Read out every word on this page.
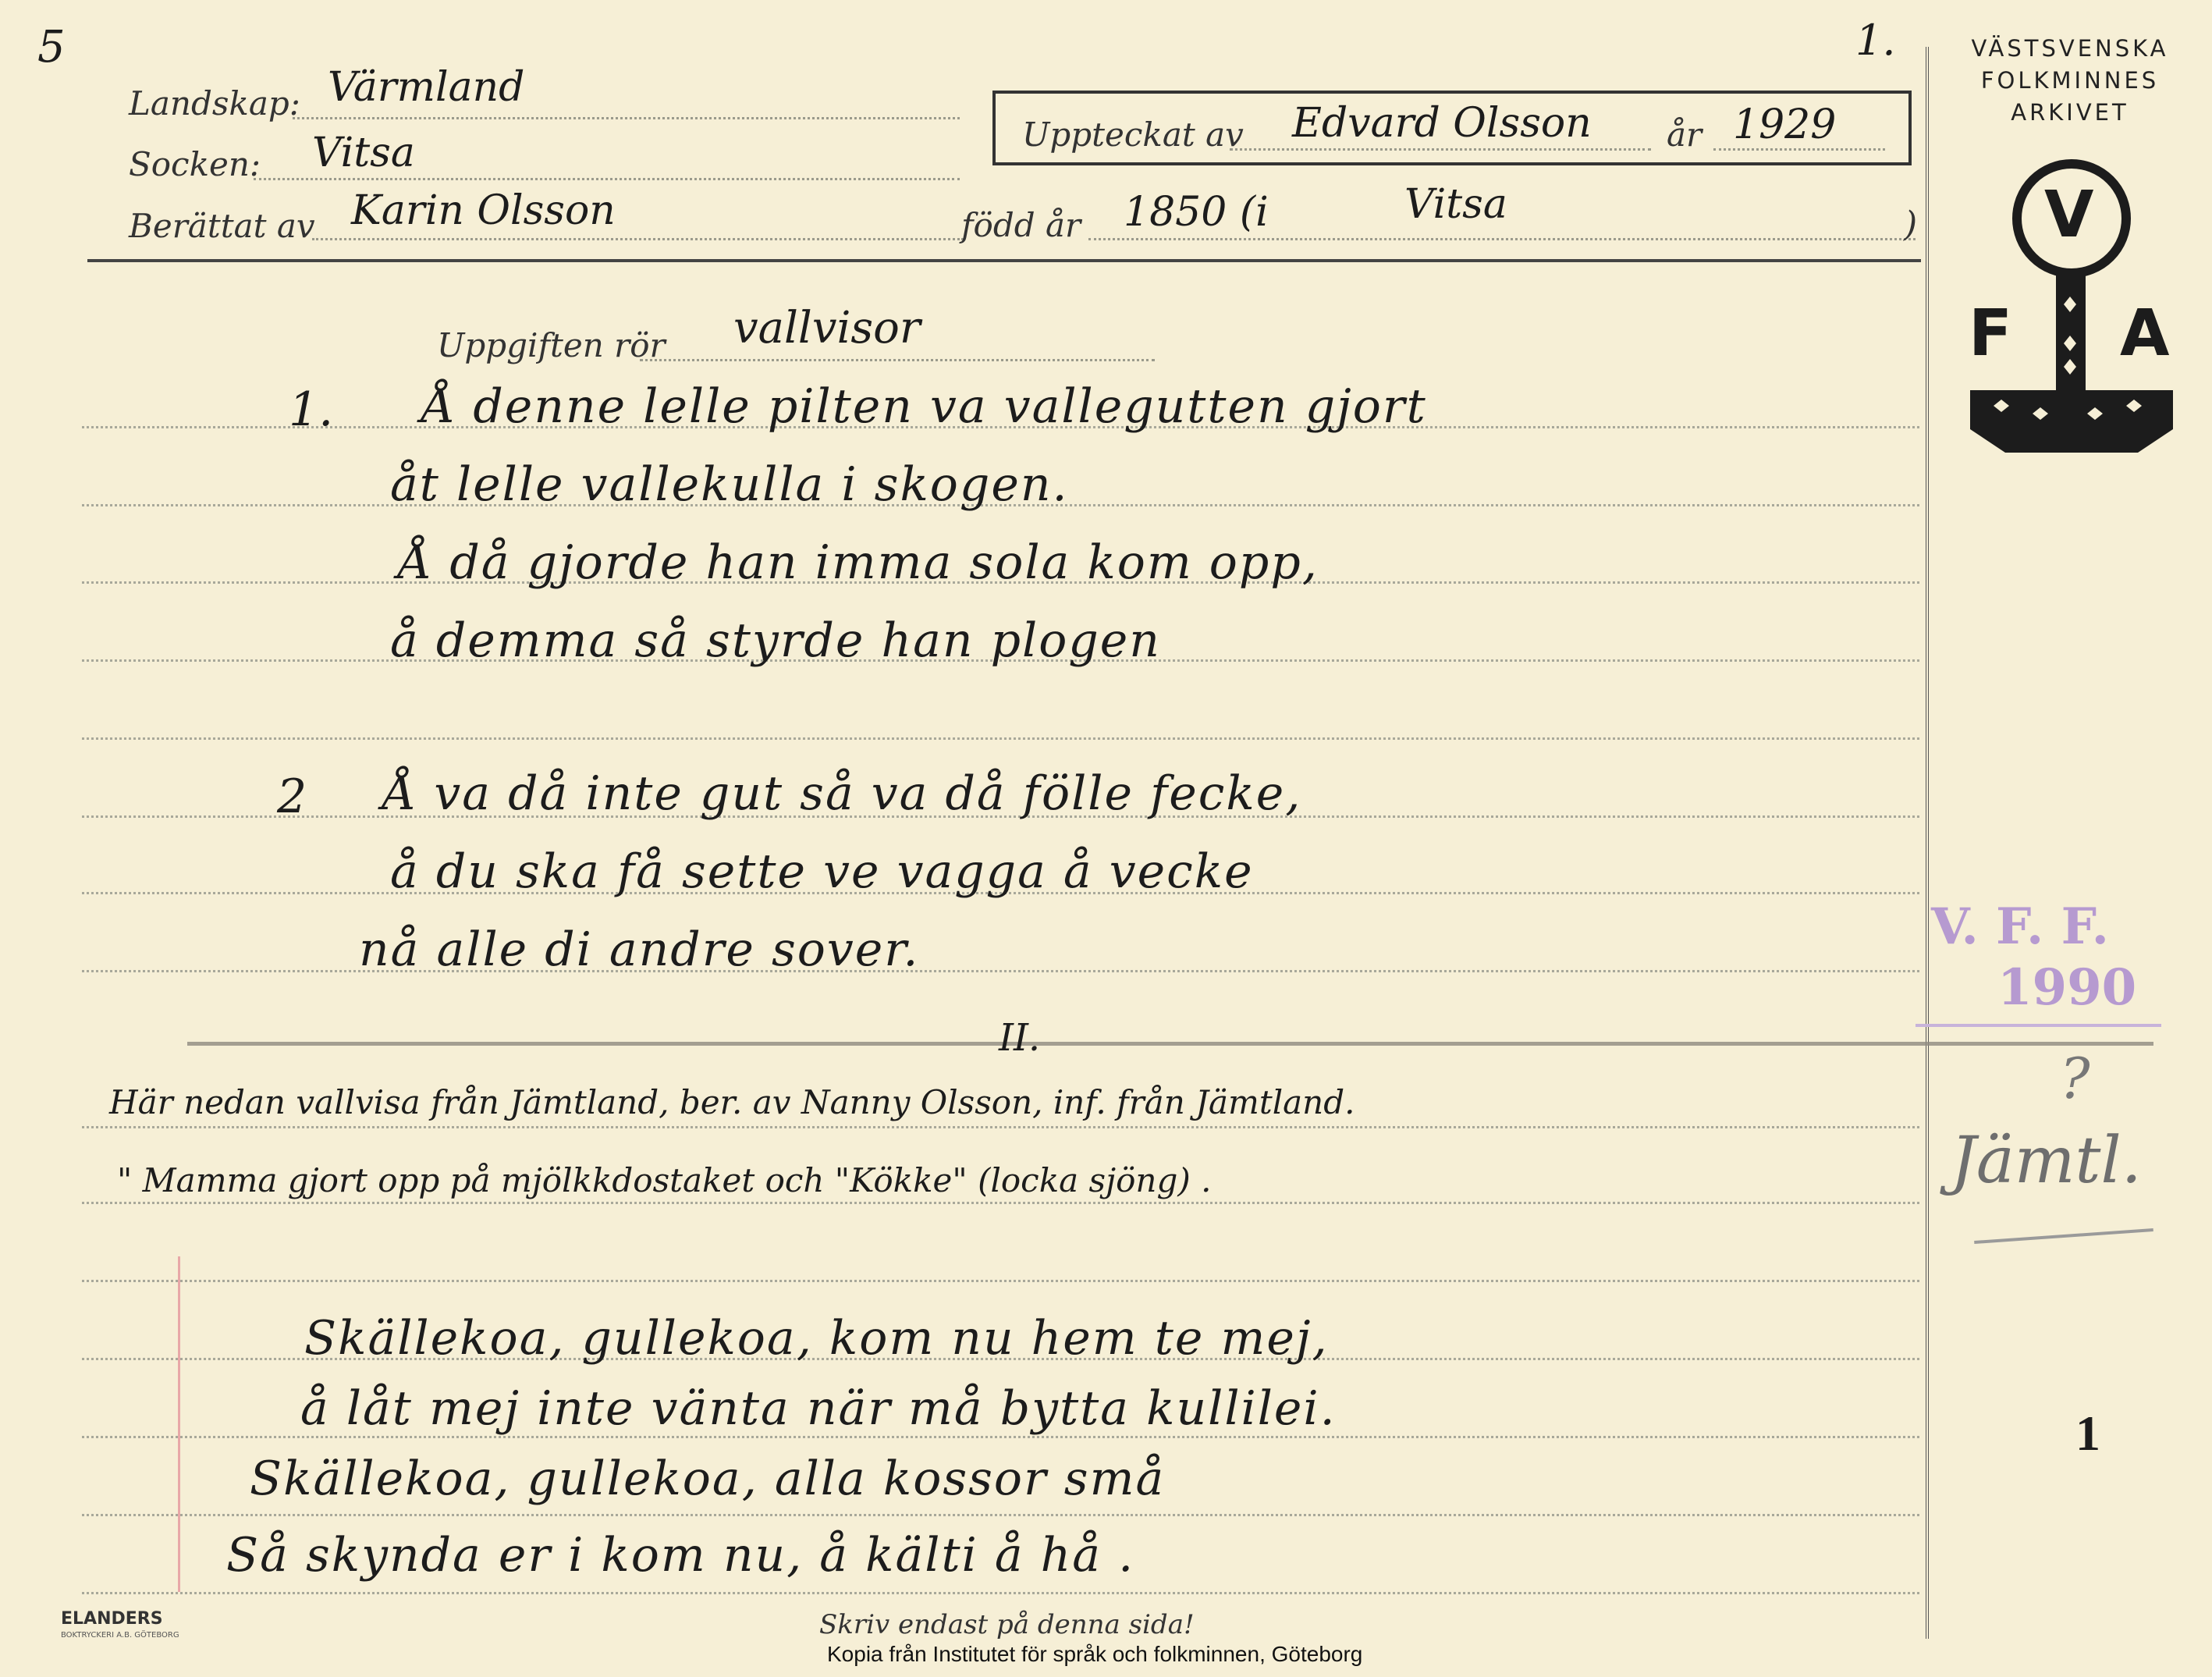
5	1.
Landskap: Värmland
Socken: Vitsa
Berättat av Karin Olsson
Uppteckat av Edvard Olsson år 1929
född år 1850 (i	Vitsa	)
VÄSTSVENSKA
FOLKMINNES
ARKIVET
V
F A
Uppgiften rör vallvisor
1. Å denne lelle pilten va vallegutten gjort
åt lelle vallekulla i skogen.
Å då gjorde han imma sola kom opp,
å demma så styrde han plogen
2 Å va då inte gut så va då fölle fecke,
å du ska få sette ve vagga å vecke
nå alle di andre sover.
II.
Här nedan vallvisa från Jämtland, ber. av Nanny Olsson, inf. från Jämtland.
" Mamma gjort opp på mjölkkdostaket och "Kökke" (locka sjöng) .
Skällekoa, gullekoa, kom nu hem te mej,
å låt mej inte vänta när må bytta kullilei.
Skällekoa, gullekoa, alla kossor små
Så skynda er i kom nu, å kälti å hå .
V. F. F.
1990
?
Jämtl.
1
ELANDERS
BOKTRYCKERI A.B. GÖTEBORG	Skriv endast på denna sida!
Kopia från Institutet för språk och folkminnen, Göteborg
